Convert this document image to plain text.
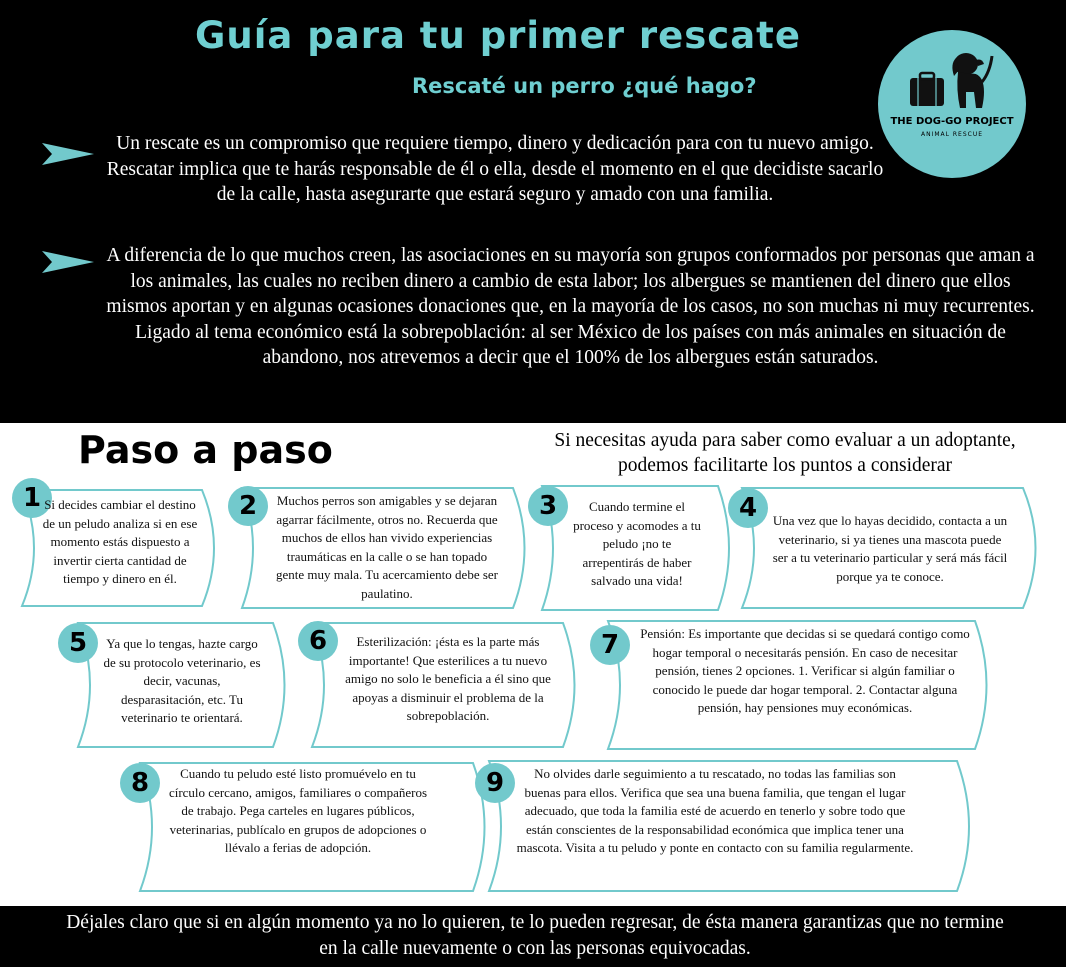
Guía para tu primer rescate
Rescaté un perro ¿qué hago?
THE DOG-GO PROJECT
ANIMAL RESCUE
Un rescate es un compromiso que requiere tiempo, dinero y dedicación para con tu nuevo amigo. Rescatar implica que te harás responsable de él o ella, desde el momento en el que decidiste sacarlo de la calle, hasta asegurarte que estará seguro y amado con una familia.
A diferencia de lo que muchos creen, las asociaciones en su mayoría son grupos conformados por personas que aman a los animales, las cuales no reciben dinero a cambio de esta labor; los albergues se mantienen del dinero que ellos mismos aportan y en algunas ocasiones donaciones que, en la mayoría de los casos, no son muchas ni muy recurrentes.
Ligado al tema económico está la sobrepoblación: al ser México de los países con más animales en situación de abandono, nos atrevemos a decir que el 100% de los albergues están saturados.
Paso a paso	Si necesitas ayuda para saber como evaluar a un adoptante, podemos facilitarte los puntos a considerar
1 Si decides cambiar el destino de un peludo analiza si en ese momento estás dispuesto a invertir cierta cantidad de tiempo y dinero en él.
2	Muchos perros son amigables y se dejaran agarrar fácilmente, otros no. Recuerda que muchos de ellos han vivido experiencias traumáticas en la calle o se han topado gente muy mala. Tu acercamiento debe ser paulatino.
3	Cuando termine el proceso y acomodes a tu peludo ¡no te arrepentirás de haber salvado una vida!
4	Una vez que lo hayas decidido, contacta a un veterinario, si ya tienes una mascota puede ser a tu veterinario particular y será más fácil porque ya te conoce.
5	Ya que lo tengas, hazte cargo de su protocolo veterinario, es decir, vacunas, desparasitación, etc. Tu veterinario te orientará.
6	Esterilización: ¡ésta es la parte más importante! Que esterilices a tu nuevo amigo no solo le beneficia a él sino que apoyas a disminuir el problema de la sobrepoblación.
7	Pensión: Es importante que decidas si se quedará contigo como hogar temporal o necesitarás pensión. En caso de necesitar pensión, tienes 2 opciones. 1. Verificar si algún familiar o conocido le puede dar hogar temporal. 2. Contactar alguna pensión, hay pensiones muy económicas.
8	Cuando tu peludo esté listo promuévelo en tu círculo cercano, amigos, familiares o compañeros de trabajo. Pega carteles en lugares públicos, veterinarias, publícalo en grupos de adopciones o llévalo a ferias de adopción.
9	No olvides darle seguimiento a tu rescatado, no todas las familias son buenas para ellos. Verifica que sea una buena familia, que tengan el lugar adecuado, que toda la familia esté de acuerdo en tenerlo y sobre todo que están conscientes de la responsabilidad económica que implica tener una mascota. Visita a tu peludo y ponte en contacto con su familia regularmente.
Déjales claro que si en algún momento ya no lo quieren, te lo pueden regresar, de ésta manera garantizas que no termine en la calle nuevamente o con las personas equivocadas.
